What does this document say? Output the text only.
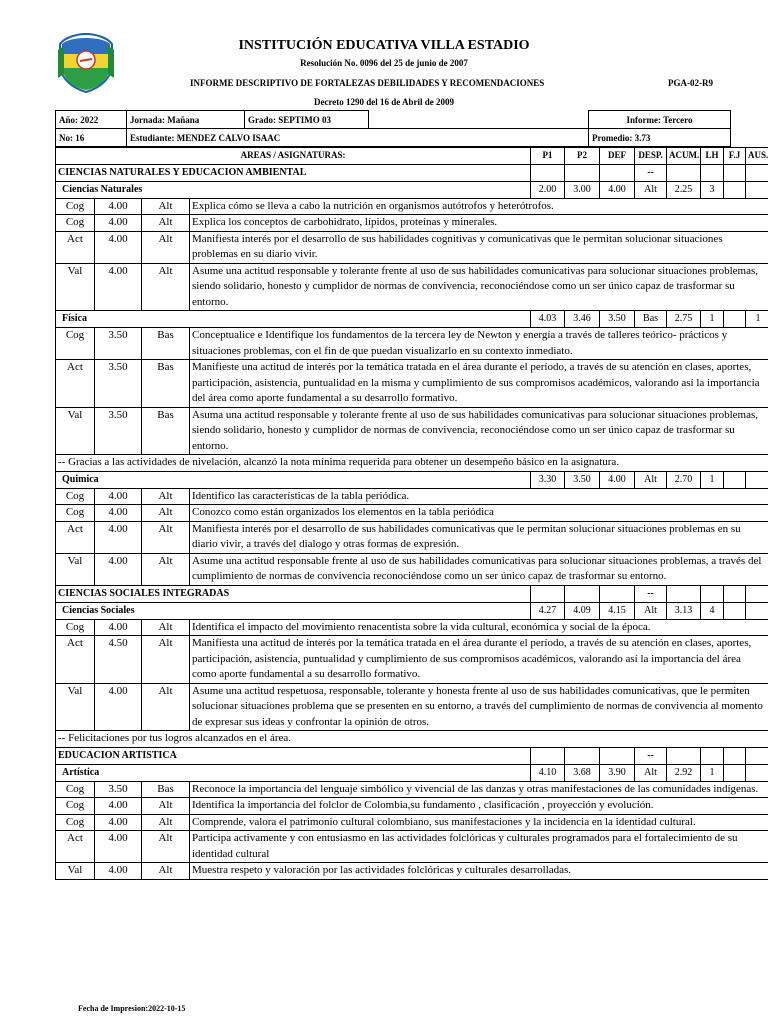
INSTITUCIÓN EDUCATIVA VILLA ESTADIO
Resolución No. 0096 del 25 de junio de 2007
INFORME DESCRIPTIVO DE FORTALEZAS DEBILIDADES Y RECOMENDACIONES	PGA-02-R9
Decreto 1290 del 16 de Abril de 2009
Año: 2022	Jornada: Mañana	Grado: SEPTIMO 03		Informe: Tercero
No: 16	Estudiante: MENDEZ CALVO ISAAC			Promedio: 3.73
AREAS / ASIGNATURAS:				P1	P2	DEF	DESP.	ACUM.	LH	F.J	AUS.
CIENCIAS NATURALES Y EDUCACION AMBIENTAL							--				
Ciencias Naturales				2.00	3.00	4.00	Alt	2.25	3		
Cog	4.00	Alt	Explica cómo se lleva a cabo la nutrición en organismos autótrofos y heterótrofos.								
Cog	4.00	Alt	Explica los conceptos de carbohidrato, lípidos, proteínas y minerales.								
Act	4.00	Alt	Manifiesta interés por el desarrollo de sus habilidades cognitivas y comunicativas que le permitan solucionar situaciones problemas en su diario vivir.								
Val	4.00	Alt	Asume una actitud responsable y tolerante frente al uso de sus habilidades comunicativas para solucionar situaciones problemas, siendo solidario, honesto y cumplidor de normas de convivencia, reconociéndose como un ser único capaz de trasformar su entorno.								
Física				4.03	3.46	3.50	Bas	2.75	1		1
Cog	3.50	Bas	Conceptualice e Identifique los fundamentos de la tercera ley de Newton y energía a través de talleres teórico- prácticos y situaciones problemas, con el fin de que puedan visualizarlo en su contexto inmediato.								
Act	3.50	Bas	Manifieste una actitud de interés por la temática tratada en el área durante el período, a través de su atención en clases, aportes, participación, asistencia, puntualidad en la misma y cumplimiento de sus compromisos académicos, valorando así la importancia del área como aporte fundamental a su desarrollo formativo.								
Val	3.50	Bas	Asuma una actitud responsable y tolerante frente al uso de sus habilidades comunicativas para solucionar situaciones problemas, siendo solidario, honesto y cumplidor de normas de convivencia, reconociéndose como un ser único capaz de trasformar su entorno.								
-- Gracias a las actividades de nivelación, alcanzó la nota mínima requerida para obtener un desempeño básico en la asignatura.											
Quimica				3.30	3.50	4.00	Alt	2.70	1		
Cog	4.00	Alt	Identifico las características de la tabla periódica.								
Cog	4.00	Alt	Conozco como están organizados los elementos en la tabla periódica								
Act	4.00	Alt	Manifiesta interés por el desarrollo de sus habilidades comunicativas que le permitan solucionar situaciones problemas en su diario vivir, a través del dialogo y otras formas de expresión.								
Val	4.00	Alt	Asume una actitud responsable frente al uso de sus habilidades comunicativas para solucionar situaciones problemas, a través del cumplimiento de normas de convivencia reconociéndose como un ser único capaz de trasformar su entorno.								
CIENCIAS SOCIALES INTEGRADAS							--				
Ciencias Sociales				4.27	4.09	4.15	Alt	3.13	4		
Cog	4.00	Alt	Identifica el impacto del movimiento renacentista sobre la vida cultural, económica y social de la época.								
Act	4.50	Alt	Manifiesta una actitud de interés por la temática tratada en el área durante el período, a través de su atención en clases, aportes, participación, asistencia, puntualidad y cumplimiento de sus compromisos académicos, valorando así la importancia del área como aporte fundamental a su desarrollo formativo.								
Val	4.00	Alt	Asume una actitud respetuosa, responsable, tolerante y honesta frente al uso de sus habilidades comunicativas, que le permiten solucionar situaciones problema que se presenten en su entorno, a través del cumplimiento de normas de convivencia al momento de expresar sus ideas y confrontar la opinión de otros.								
-- Felicitaciones por tus logros alcanzados en el área.											
EDUCACION ARTISTICA							--				
Artística				4.10	3.68	3.90	Alt	2.92	1		
Cog	3.50	Bas	Reconoce la importancia del lenguaje simbólico y vivencial de las danzas y otras manifestaciones de las comunidades indígenas.								
Cog	4.00	Alt	Identifica la importancia del folclor de Colombia,su fundamento , clasificación , proyección y evolución.								
Cog	4.00	Alt	Comprende, valora el patrimonio cultural colombiano, sus manifestaciones y la incidencia en la identidad cultural.								
Act	4.00	Alt	Participa activamente y con entusiasmo en las actividades folclóricas y culturales programados para el fortalecimiento de su identidad cultural								
Val	4.00	Alt	Muestra respeto y valoración por las actividades folclóricas y culturales desarrolladas.								
Fecha de Impresion:2022-10-15
